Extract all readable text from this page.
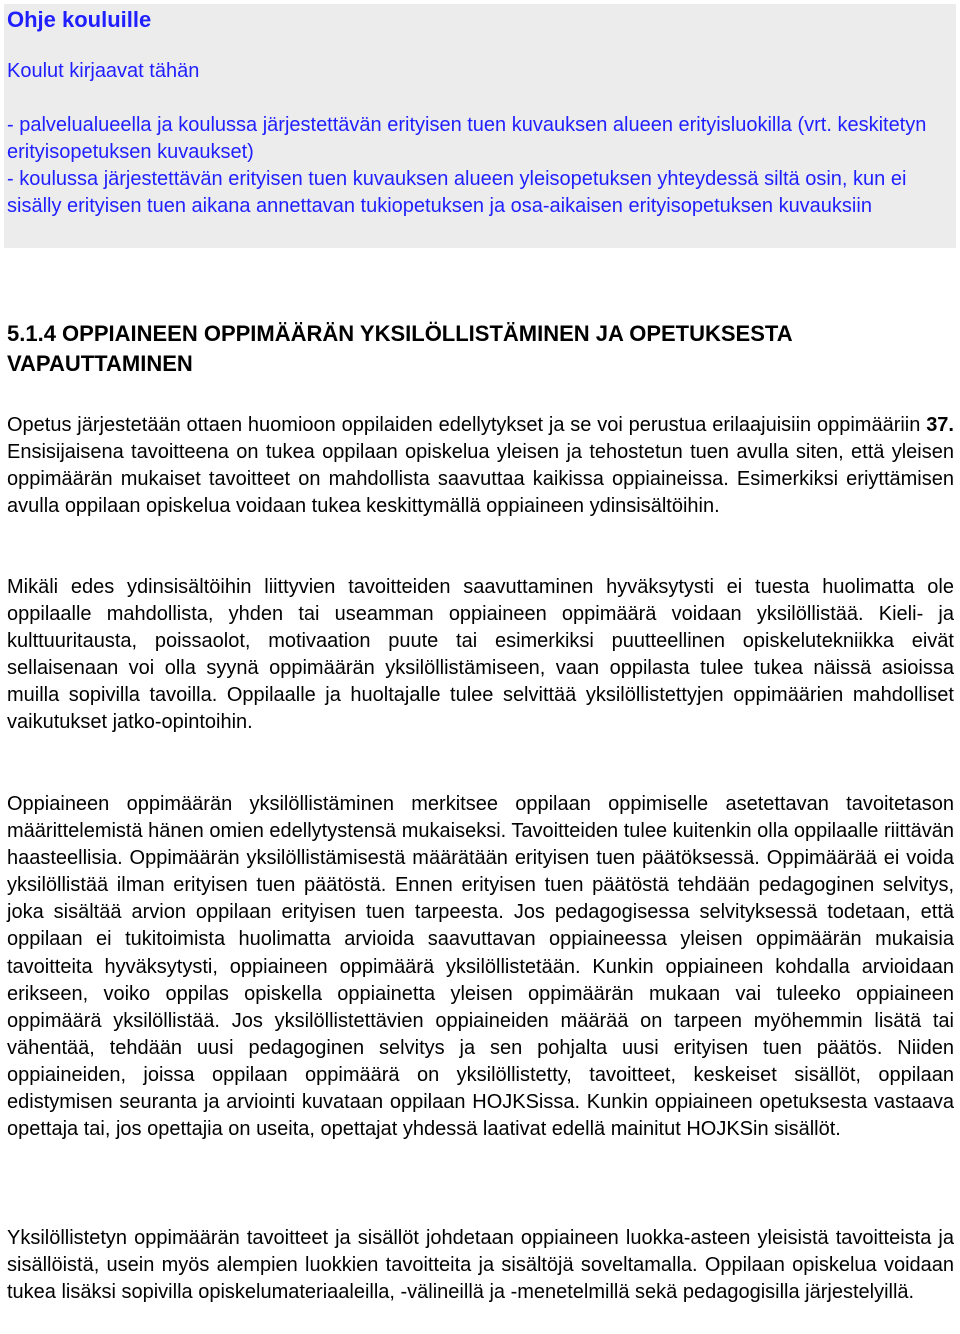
Ohje kouluille

Koulut kirjaavat tähän

- palvelualueella ja koulussa järjestettävän erityisen tuen kuvauksen alueen erityisluokilla (vrt. keskitetyn erityisopetuksen kuvaukset)

- koulussa järjestettävän erityisen tuen kuvauksen alueen yleisopetuksen yhteydessä siltä osin, kun ei sisälly erityisen tuen aikana annettavan tukiopetuksen ja osa-aikaisen erityisopetuksen kuvauksiin

5.1.4 OPPIAINEEN OPPIMÄÄRÄN YKSILÖLLISTÄMINEN JA OPETUKSESTA VAPAUTTAMINEN

Opetus järjestetään ottaen huomioon oppilaiden edellytykset ja se voi perustua erilaajuisiin oppimääriin 37. Ensisijaisena tavoitteena on tukea oppilaan opiskelua yleisen ja tehostetun tuen avulla siten, että yleisen oppimäärän mukaiset tavoitteet on mahdollista saavuttaa kaikissa oppiaineissa. Esimerkiksi eriyttämisen avulla oppilaan opiskelua voidaan tukea keskittymällä oppiaineen ydinsisältöihin.

Mikäli edes ydinsisältöihin liittyvien tavoitteiden saavuttaminen hyväksytysti ei tuesta huolimatta ole oppilaalle mahdollista, yhden tai useamman oppiaineen oppimäärä voidaan yksilöllistää. Kieli- ja kulttuuritausta, poissaolot, motivaation puute tai esimerkiksi puutteellinen opiskelutekniikka eivät sellaisenaan voi olla syynä oppimäärän yksilöllistämiseen, vaan oppilasta tulee tukea näissä asioissa muilla sopivilla tavoilla. Oppilaalle ja huoltajalle tulee selvittää yksilöllistettyjen oppimäärien mahdolliset vaikutukset jatko-opintoihin.

Oppiaineen oppimäärän yksilöllistäminen merkitsee oppilaan oppimiselle asetettavan tavoitetason määrittelemistä hänen omien edellytystensä mukaiseksi. Tavoitteiden tulee kuitenkin olla oppilaalle riittävän haasteellisia. Oppimäärän yksilöllistämisestä määrätään erityisen tuen päätöksessä. Oppimäärää ei voida yksilöllistää ilman erityisen tuen päätöstä. Ennen erityisen tuen päätöstä tehdään pedagoginen selvitys, joka sisältää arvion oppilaan erityisen tuen tarpeesta. Jos pedagogisessa selvityksessä todetaan, että oppilaan ei tukitoimista huolimatta arvioida saavuttavan oppiaineessa yleisen oppimäärän mukaisia tavoitteita hyväksytysti, oppiaineen oppimäärä yksilöllistetään. Kunkin oppiaineen kohdalla arvioidaan erikseen, voiko oppilas opiskella oppiainetta yleisen oppimäärän mukaan vai tuleeko oppiaineen oppimäärä yksilöllistää. Jos yksilöllistettävien oppiaineiden määrää on tarpeen myöhemmin lisätä tai vähentää, tehdään uusi pedagoginen selvitys ja sen pohjalta uusi erityisen tuen päätös. Niiden oppiaineiden, joissa oppilaan oppimäärä on yksilöllistetty, tavoitteet, keskeiset sisällöt, oppilaan edistymisen seuranta ja arviointi kuvataan oppilaan HOJKSissa. Kunkin oppiaineen opetuksesta vastaava opettaja tai, jos opettajia on useita, opettajat yhdessä laativat edellä mainitut HOJKSin sisällöt.

Yksilöllistetyn oppimäärän tavoitteet ja sisällöt johdetaan oppiaineen luokka-asteen yleisistä tavoitteista ja sisällöistä, usein myös alempien luokkien tavoitteita ja sisältöjä soveltamalla. Oppilaan opiskelua voidaan tukea lisäksi sopivilla opiskelumateriaaleilla, -välineillä ja -menetelmillä sekä pedagogisilla järjestelyillä.
